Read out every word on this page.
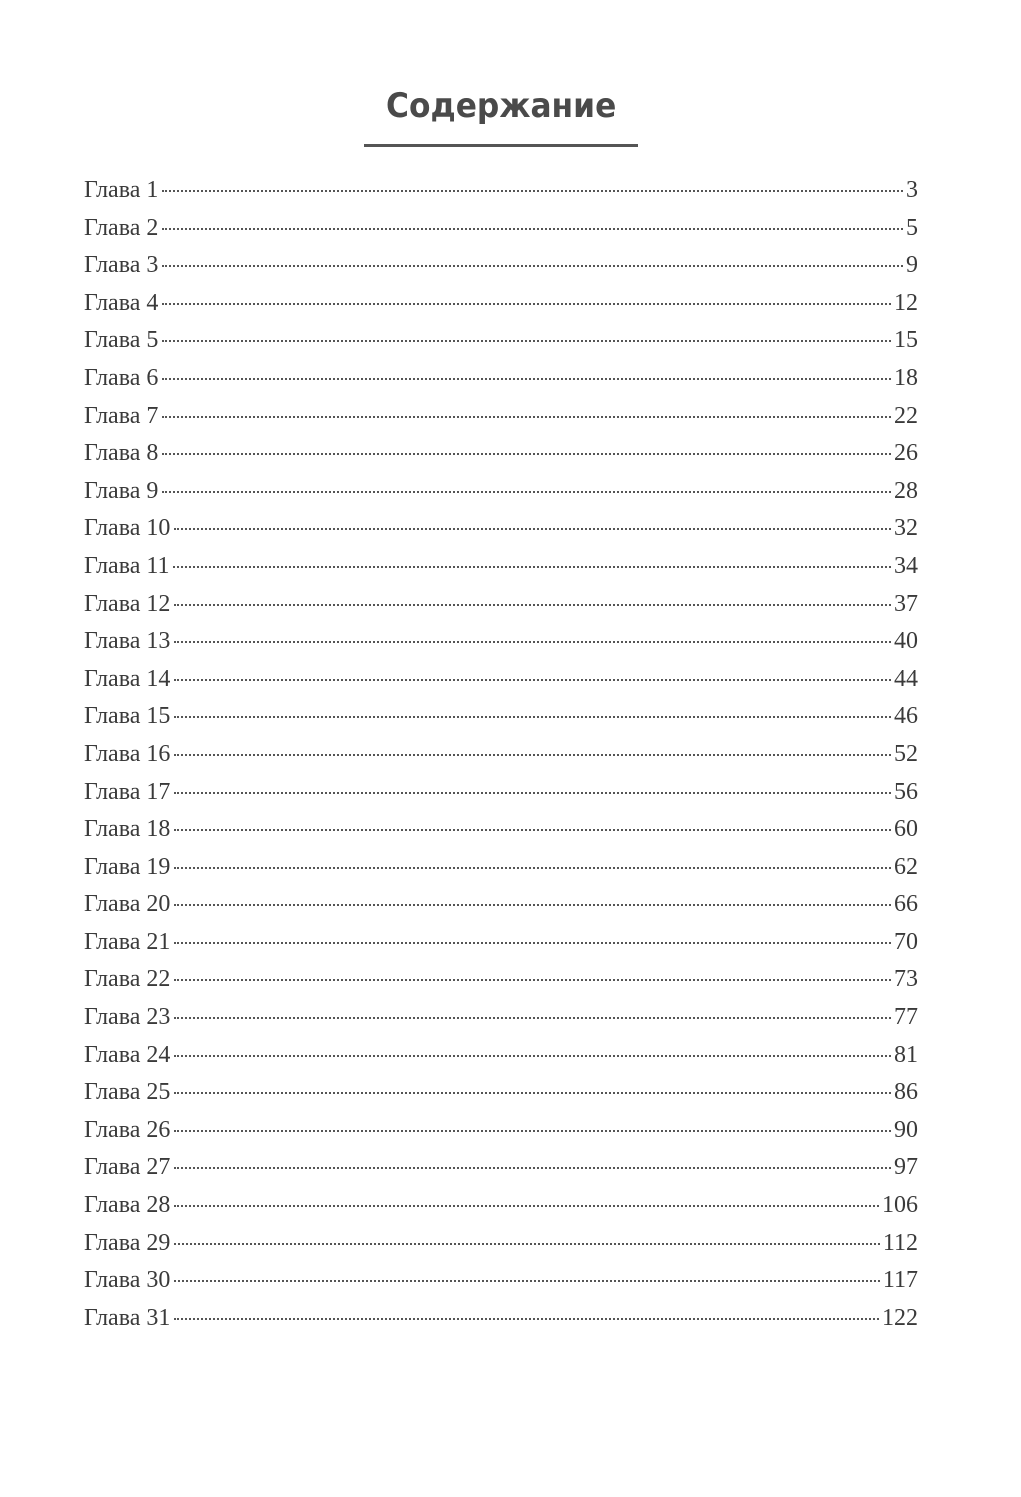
Содержание
Глава 1	3
Глава 2	5
Глава 3	9
Глава 4	12
Глава 5	15
Глава 6	18
Глава 7	22
Глава 8	26
Глава 9	28
Глава 10	32
Глава 11	34
Глава 12	37
Глава 13	40
Глава 14	44
Глава 15	46
Глава 16	52
Глава 17	56
Глава 18	60
Глава 19	62
Глава 20	66
Глава 21	70
Глава 22	73
Глава 23	77
Глава 24	81
Глава 25	86
Глава 26	90
Глава 27	97
Глава 28	106
Глава 29	112
Глава 30	117
Глава 31	122
